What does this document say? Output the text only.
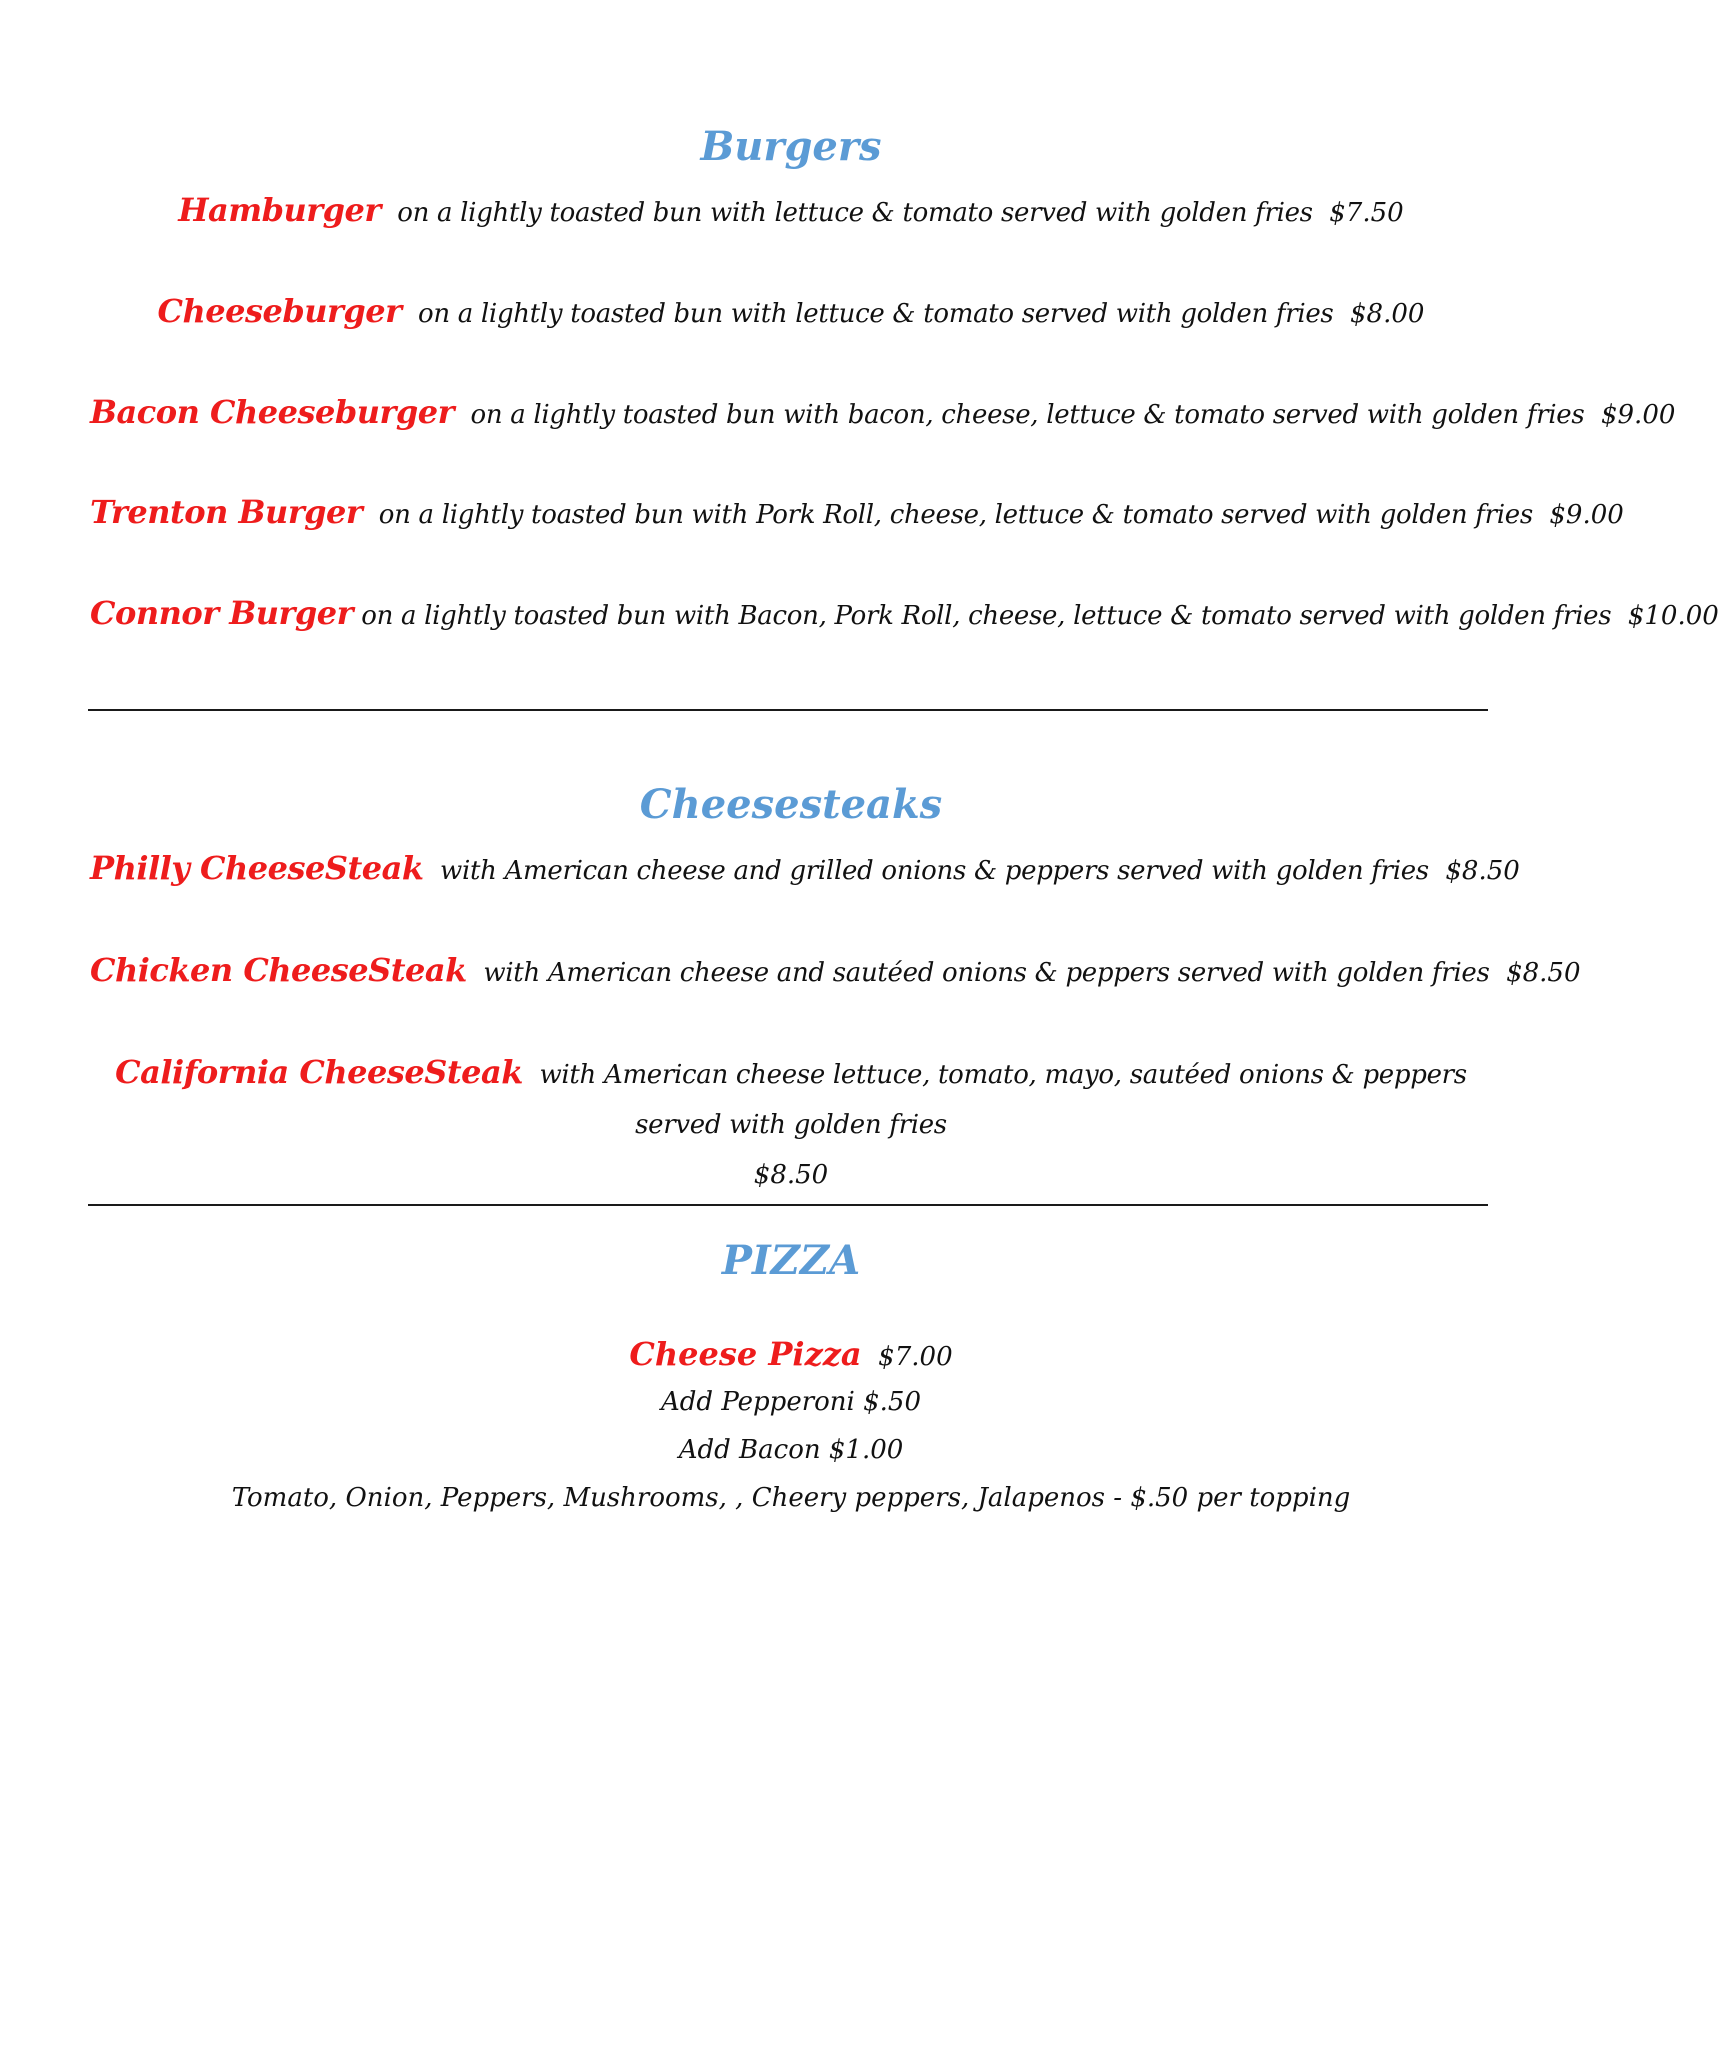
Burgers
Hamburger on a lightly toasted bun with lettuce & tomato served with golden fries $7.50
Cheeseburger on a lightly toasted bun with lettuce & tomato served with golden fries $8.00
Bacon Cheeseburger on a lightly toasted bun with bacon, cheese, lettuce & tomato served with golden fries $9.00
Trenton Burger on a lightly toasted bun with Pork Roll, cheese, lettuce & tomato served with golden fries $9.00
Connor Burger on a lightly toasted bun with Bacon, Pork Roll, cheese, lettuce & tomato served with golden fries $10.00
Cheesesteaks
Philly CheeseSteak with American cheese and grilled onions & peppers served with golden fries $8.50
Chicken CheeseSteak with American cheese and sautéed onions & peppers served with golden fries $8.50
California CheeseSteak with American cheese lettuce, tomato, mayo, sautéed onions & peppers served with golden fries
$8.50
PIZZA
Cheese Pizza $7.00
Add Pepperoni $.50
Add Bacon $1.00
Tomato, Onion, Peppers, Mushrooms, , Cheery peppers, Jalapenos - $.50 per topping
